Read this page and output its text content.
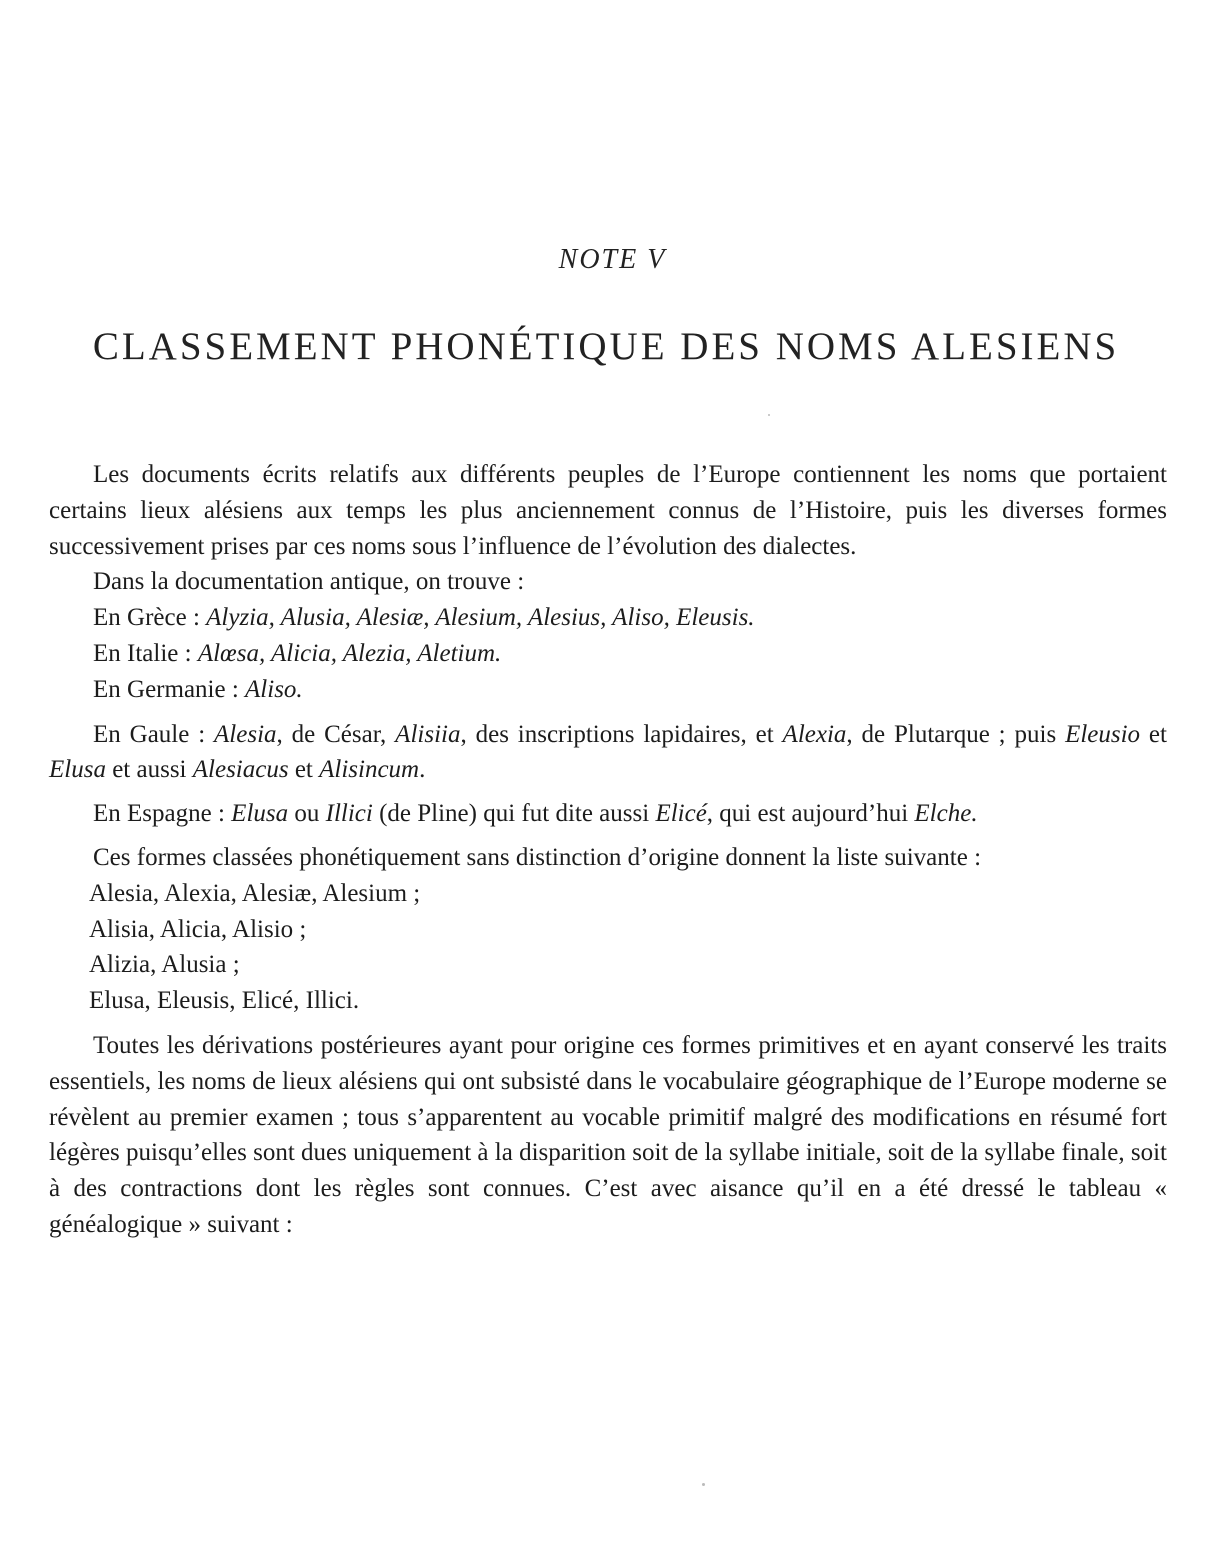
NOTE V
CLASSEMENT PHONÉTIQUE DES NOMS ALESIENS

Les documents écrits relatifs aux différents peuples de l’Europe contiennent les noms que portaient certains lieux alésiens aux temps les plus anciennement connus de l’Histoire, puis les diverses formes successivement prises par ces noms sous l’influence de l’évolution des dialectes.

Dans la documentation antique, on trouve :

En Grèce : Alyzia, Alusia, Alesiæ, Alesium, Alesius, Aliso, Eleusis.

En Italie : Alœsa, Alicia, Alezia, Aletium.

En Germanie : Aliso.

En Gaule : Alesia, de César, Alisiia, des inscriptions lapidaires, et Alexia, de Plutarque ; puis Eleusio et Elusa et aussi Alesiacus et Alisincum.

En Espagne : Elusa ou Illici (de Pline) qui fut dite aussi Elicé, qui est aujourd’hui Elche.

Ces formes classées phonétiquement sans distinction d’origine donnent la liste suivante :

Alesia, Alexia, Alesiæ, Alesium ;

Alisia, Alicia, Alisio ;

Alizia, Alusia ;

Elusa, Eleusis, Elicé, Illici.

Toutes les dérivations postérieures ayant pour origine ces formes primitives et en ayant conservé les traits essentiels, les noms de lieux alésiens qui ont subsisté dans le vocabulaire géographique de l’Europe moderne se révèlent au premier examen ; tous s’apparentent au vocable primitif malgré des modifications en résumé fort légères puisqu’elles sont dues uniquement à la disparition soit de la syllabe initiale, soit de la syllabe finale, soit à des contractions dont les règles sont connues. C’est avec aisance qu’il en a été dressé le tableau « généalogique » suivant :
